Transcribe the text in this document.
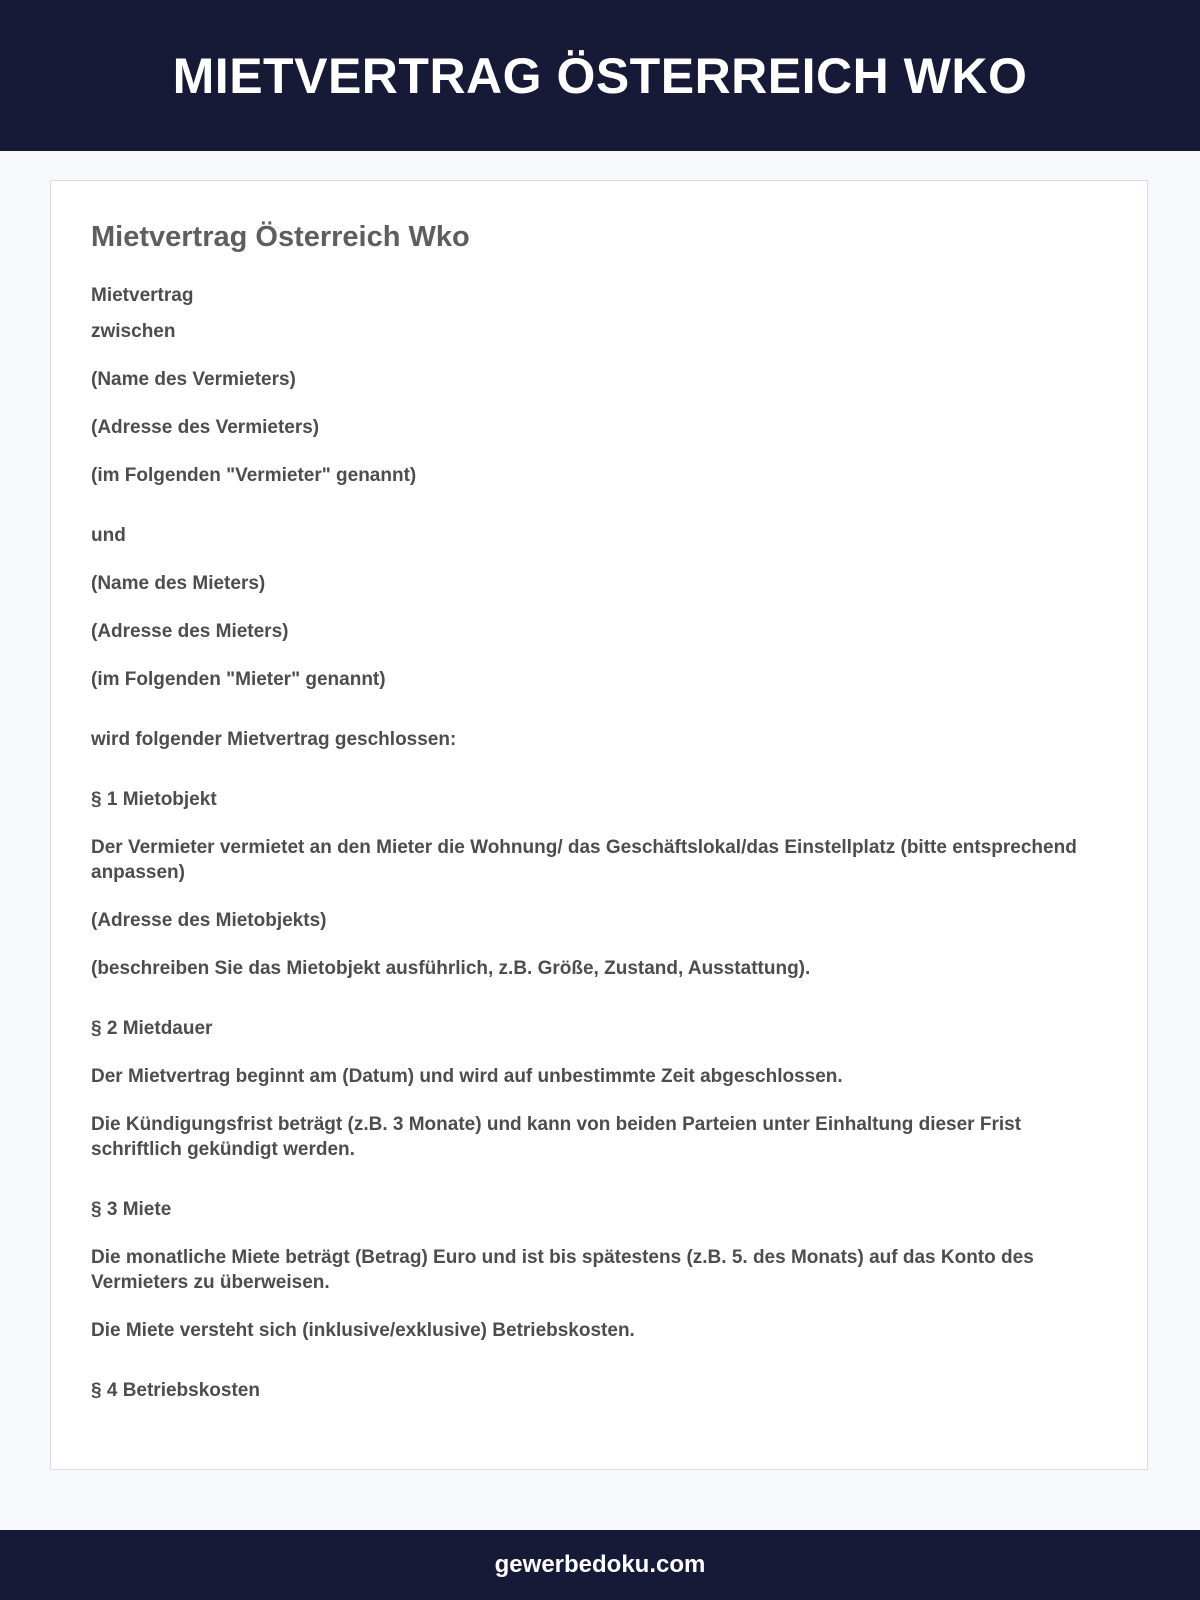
MIETVERTRAG ÖSTERREICH WKO
Mietvertrag Österreich Wko

Mietvertrag

zwischen

(Name des Vermieters)

(Adresse des Vermieters)

(im Folgenden "Vermieter" genannt)

und

(Name des Mieters)

(Adresse des Mieters)

(im Folgenden "Mieter" genannt)

wird folgender Mietvertrag geschlossen:

§ 1 Mietobjekt

Der Vermieter vermietet an den Mieter die Wohnung/ das Geschäftslokal/das Einstellplatz (bitte entsprechend anpassen)

(Adresse des Mietobjekts)

(beschreiben Sie das Mietobjekt ausführlich, z.B. Größe, Zustand, Ausstattung).

§ 2 Mietdauer

Der Mietvertrag beginnt am (Datum) und wird auf unbestimmte Zeit abgeschlossen.

Die Kündigungsfrist beträgt (z.B. 3 Monate) und kann von beiden Parteien unter Einhaltung dieser Frist schriftlich gekündigt werden.

§ 3 Miete

Die monatliche Miete beträgt (Betrag) Euro und ist bis spätestens (z.B. 5. des Monats) auf das Konto des Vermieters zu überweisen.

Die Miete versteht sich (inklusive/exklusive) Betriebskosten.

§ 4 Betriebskosten

gewerbedoku.com
